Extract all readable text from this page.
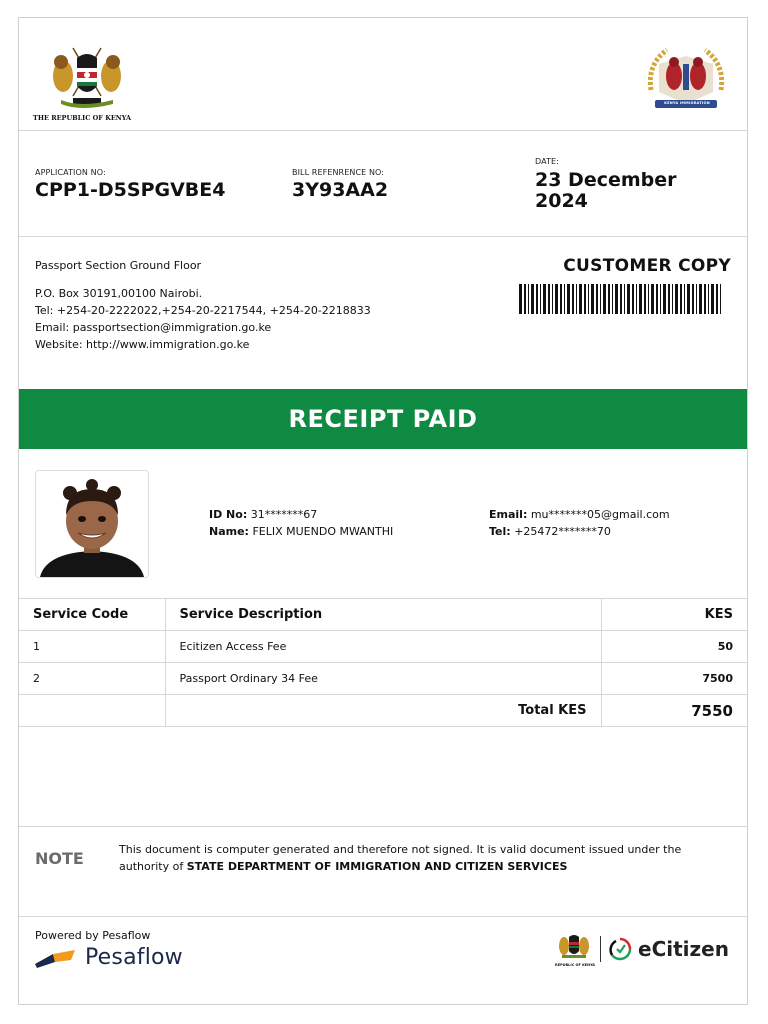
THE REPUBLIC OF KENYA
KENYA IMMIGRATION
APPLICATION NO:
CPP1-D5SPGVBE4
BILL REFENRENCE NO:
3Y93AA2
DATE:
23 December
2024
Passport Section Ground Floor
P.O. Box 30191,00100 Nairobi.
Tel: +254-20-2222022,+254-20-2217544, +254-20-2218833
Email: passportsection@immigration.go.ke
Website: http://www.immigration.go.ke
CUSTOMER COPY
RECEIPT PAID
ID No: 31*******67
Name: FELIX MUENDO MWANTHI
Email: mu*******05@gmail.com
Tel: +25472*******70
Service Code	Service Description	KES
1	Ecitizen Access Fee	50
2	Passport Ordinary 34 Fee	7500
	Total KES	7550
NOTE	This document is computer generated and therefore not signed. It is valid document issued under the authority of STATE DEPARTMENT OF IMMIGRATION AND CITIZEN SERVICES
Powered by Pesaflow
Pesaflow	REPUBLIC OF KENYA
eCitizen
